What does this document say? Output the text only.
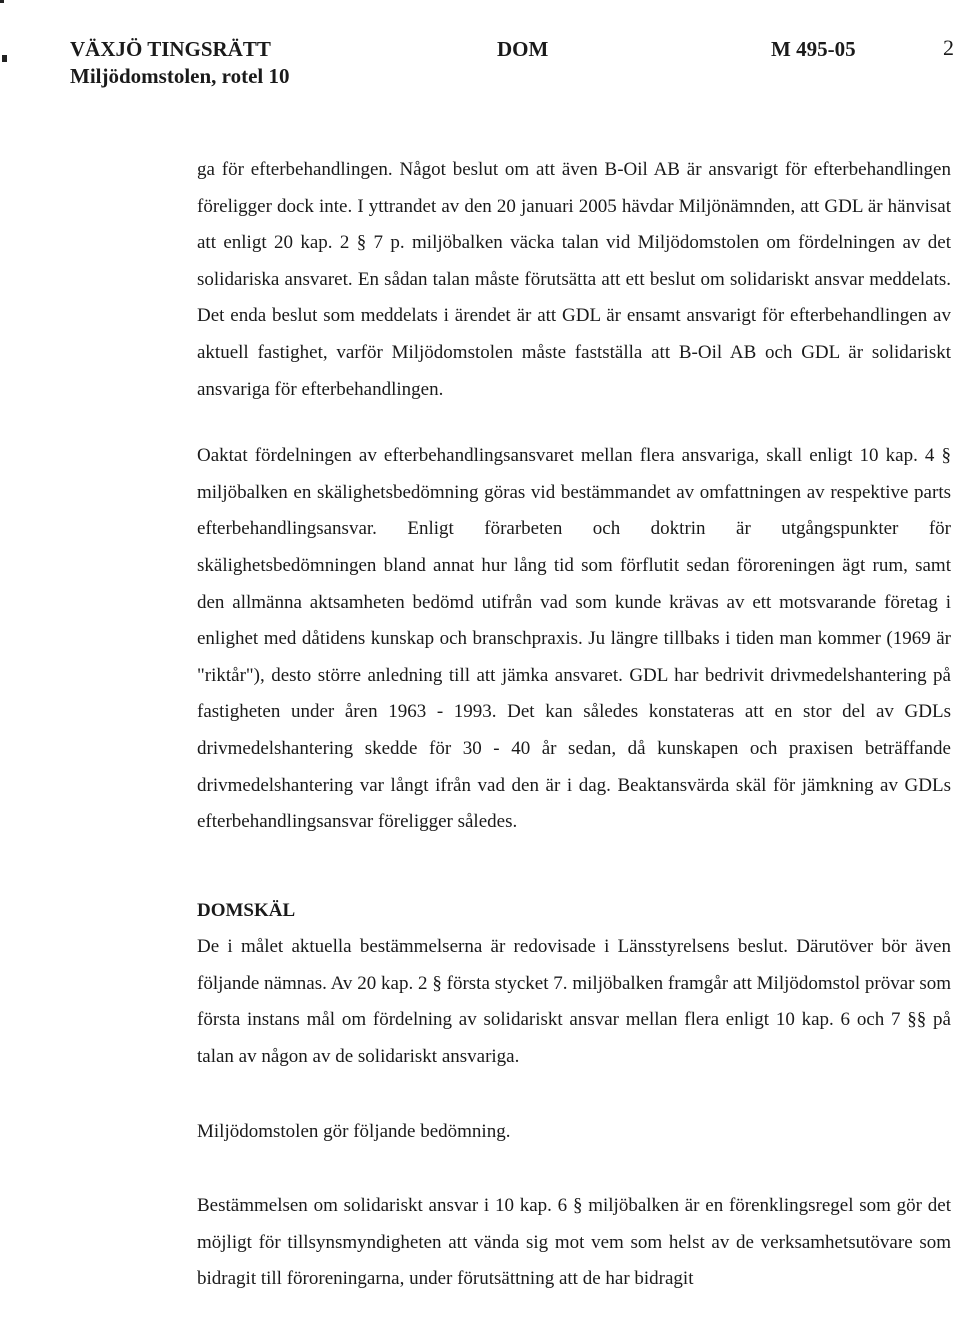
VÄXJÖ TINGSRÄTT
Miljödomstolen, rotel 10
DOM	M 495-05	2

ga för efterbehandlingen. Något beslut om att även B-Oil AB är ansvarigt för efterbehandlingen föreligger dock inte. I yttrandet av den 20 januari 2005 hävdar Miljönämnden, att GDL är hänvisat att enligt 20 kap. 2 § 7 p. miljöbalken väcka talan vid Miljödomstolen om fördelningen av det solidariska ansvaret. En sådan talan måste förutsätta att ett beslut om solidariskt ansvar meddelats. Det enda beslut som meddelats i ärendet är att GDL är ensamt ansvarigt för efterbehandlingen av aktuell fastighet, varför Miljödomstolen måste fastställa att B-Oil AB och GDL är solidariskt ansvariga för efterbehandlingen.

Oaktat fördelningen av efterbehandlingsansvaret mellan flera ansvariga, skall enligt 10 kap. 4 § miljöbalken en skälighetsbedömning göras vid bestämmandet av omfattningen av respektive parts efterbehandlingsansvar. Enligt förarbeten och doktrin är utgångspunkter för skälighetsbedömningen bland annat hur lång tid som förflutit sedan föroreningen ägt rum, samt den allmänna aktsamheten bedömd utifrån vad som kunde krävas av ett motsvarande företag i enlighet med dåtidens kunskap och branschpraxis. Ju längre tillbaks i tiden man kommer (1969 är "riktår"), desto större anledning till att jämka ansvaret. GDL har bedrivit drivmedelshantering på fastigheten under åren 1963 - 1993. Det kan således konstateras att en stor del av GDLs drivmedelshantering skedde för 30 - 40 år sedan, då kunskapen och praxisen beträffande drivmedelshantering var långt ifrån vad den är i dag. Beaktansvärda skäl för jämkning av GDLs efterbehandlingsansvar föreligger således.

DOMSKÄL

De i målet aktuella bestämmelserna är redovisade i Länsstyrelsens beslut. Därutöver bör även följande nämnas. Av 20 kap. 2 § första stycket 7. miljöbalken framgår att Miljödomstol prövar som första instans mål om fördelning av solidariskt ansvar mellan flera enligt 10 kap. 6 och 7 §§ på talan av någon av de solidariskt ansvariga.

Miljödomstolen gör följande bedömning.

Bestämmelsen om solidariskt ansvar i 10 kap. 6 § miljöbalken är en förenklingsregel som gör det möjligt för tillsynsmyndigheten att vända sig mot vem som helst av de verksamhetsutövare som bidragit till föroreningarna, under förutsättning att de har bidragit
